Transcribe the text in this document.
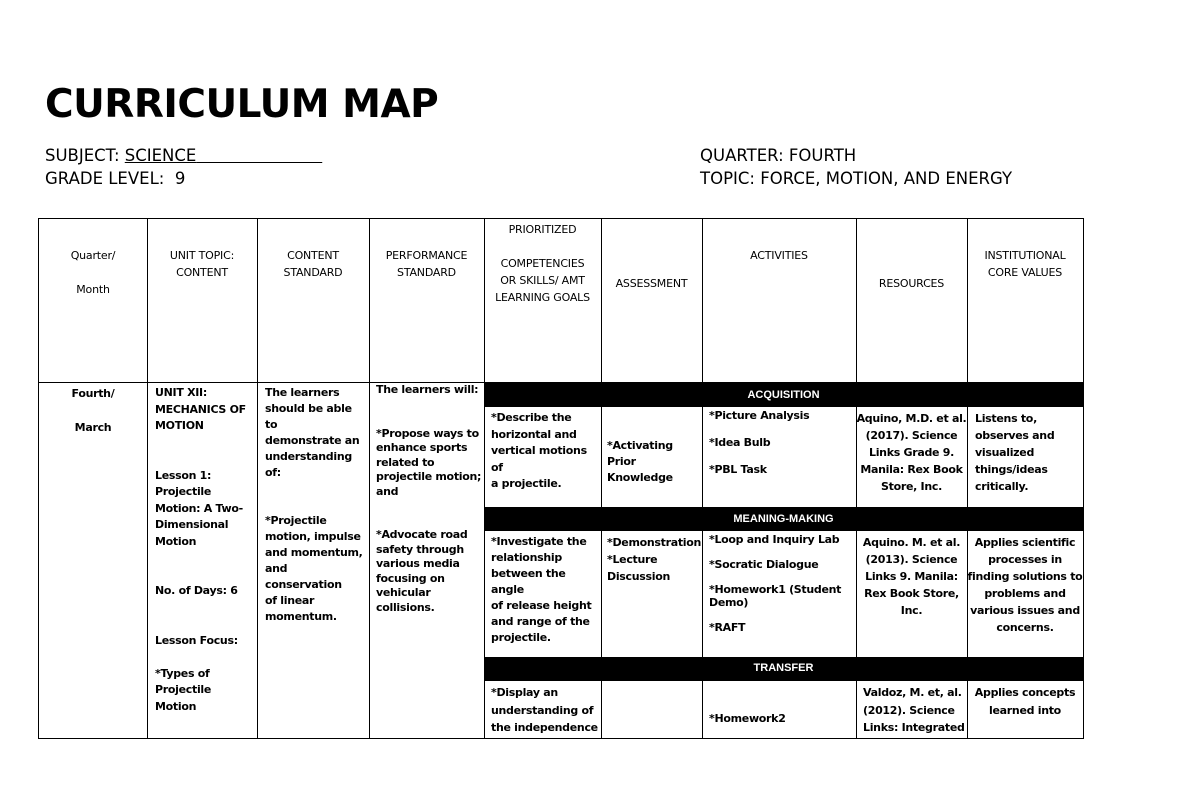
CURRICULUM MAP
SUBJECT: SCIENCE
GRADE LEVEL: 9
QUARTER: FOURTH
TOPIC: FORCE, MOTION, AND ENERGY
ACQUISITION
MEANING-MAKING
TRANSFER
Quarter/

Month
UNIT TOPIC:
CONTENT
CONTENT
STANDARD
PERFORMANCE
STANDARD
PRIORITIZED

COMPETENCIES
OR SKILLS/ AMT
LEARNING GOALS
ASSESSMENT
ACTIVITIES
RESOURCES
INSTITUTIONAL
CORE VALUES
Fourth/

March
UNIT XII:
MECHANICS OF
MOTION

Lesson 1:
Projectile
Motion: A Two-
Dimensional
Motion

No. of Days: 6

Lesson Focus:

*Types of
Projectile Motion
The learners
should be able to
demonstrate an
understanding of:

*Projectile
motion, impulse
and momentum,
and conservation
of linear
momentum.
The learners will:

*Propose ways to
enhance sports
related to
projectile motion;
and

*Advocate road
safety through
various media
focusing on
vehicular collisions.
*Describe the
horizontal and
vertical motions of
a projectile.
*Activating Prior
Knowledge
*Picture Analysis

*Idea Bulb

*PBL Task
Aquino, M.D. et al.
(2017). Science
Links Grade 9.
Manila: Rex Book
Store, Inc.
Listens to,
observes and
visualized
things/ideas
critically.
*Investigate the
relationship
between the angle
of release height
and range of the
projectile.
*Demonstration
*Lecture
Discussion
*Loop and Inquiry Lab

*Socratic Dialogue

*Homework1 (Student
Demo)

*RAFT
Aquino. M. et al.
(2013). Science
Links 9. Manila:
Rex Book Store,
Inc.
Applies scientific
processes in
finding solutions to
problems and
various issues and
concerns.
*Display an
understanding of
the independence
*Homework2
Valdoz, M. et, al.
(2012). Science
Links: Integrated
Applies concepts
learned into
